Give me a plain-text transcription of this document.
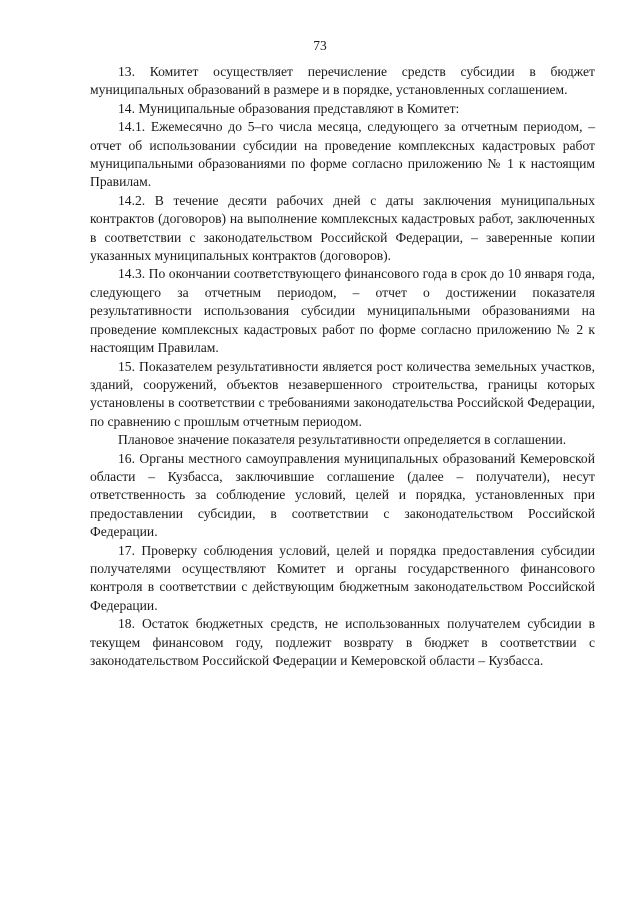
73

13. Комитет осуществляет перечисление средств субсидии в бюджет муниципальных образований в размере и в порядке, установленных соглашением.

14. Муниципальные образования представляют в Комитет:

14.1. Ежемесячно до 5–го числа месяца, следующего за отчетным периодом, – отчет об использовании субсидии на проведение комплексных кадастровых работ муниципальными образованиями по форме согласно приложению № 1 к настоящим Правилам.

14.2. В течение десяти рабочих дней с даты заключения муниципальных контрактов (договоров) на выполнение комплексных кадастровых работ, заключенных в соответствии с законодательством Российской Федерации, – заверенные копии указанных муниципальных контрактов (договоров).

14.3. По окончании соответствующего финансового года в срок до 10 января года, следующего за отчетным периодом, – отчет о достижении показателя результативности использования субсидии муниципальными образованиями на проведение комплексных кадастровых работ по форме согласно приложению № 2 к настоящим Правилам.

15. Показателем результативности является рост количества земельных участков, зданий, сооружений, объектов незавершенного строительства, границы которых установлены в соответствии с требованиями законодательства Российской Федерации, по сравнению с прошлым отчетным периодом.

Плановое значение показателя результативности определяется в соглашении.

16. Органы местного самоуправления муниципальных образований Кемеровской области – Кузбасса, заключившие соглашение (далее – получатели), несут ответственность за соблюдение условий, целей и порядка, установленных при предоставлении субсидии, в соответствии с законодательством Российской Федерации.

17. Проверку соблюдения условий, целей и порядка предоставления субсидии получателями осуществляют Комитет и органы государственного финансового контроля в соответствии с действующим бюджетным законодательством Российской Федерации.

18. Остаток бюджетных средств, не использованных получателем субсидии в текущем финансовом году, подлежит возврату в бюджет в соответствии с законодательством Российской Федерации и Кемеровской области – Кузбасса.
